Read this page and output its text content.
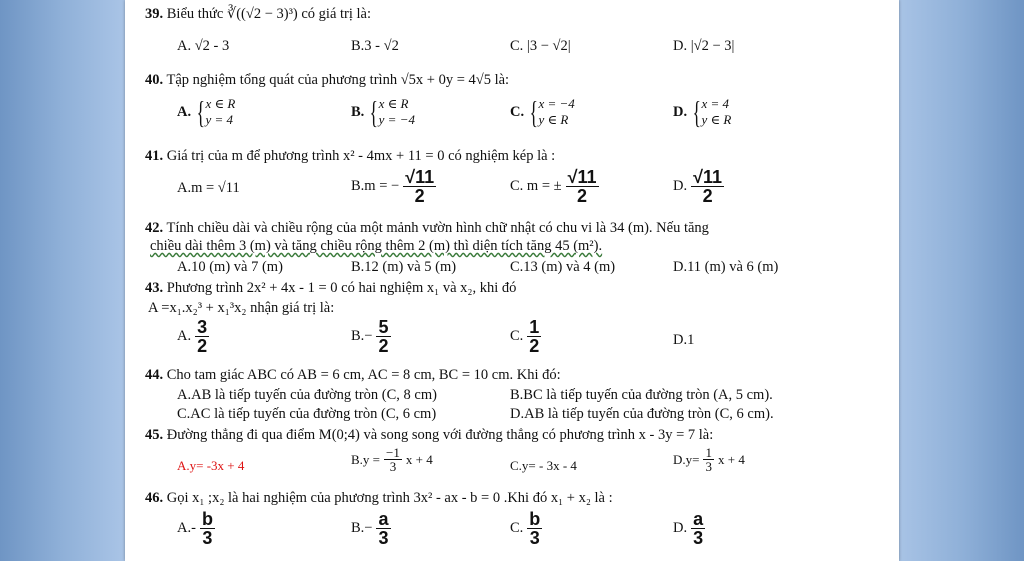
39. Biểu thức ∛((√2 − 3)³) có giá trị là:
A. √2 - 3	B.3 - √2	C. |3 − √2|	D. |√2 − 3|
40. Tập nghiệm tổng quát của phương trình √5x + 0y = 4√5 là:
A. { x ∈ R
y = 4
B. { x ∈ R
y = −4
C. { x = −4
y ∈ R
D. { x = 4
y ∈ R
41. Giá trị của m để phương trình x² - 4mx + 11 = 0 có nghiệm kép là :
A.m = √11	B.m = − $\frac{√11}{2}$	C. m = ± $\frac{√11}{2}$	D. $\frac{√11}{2}$
42. Tính chiều dài và chiều rộng của một mảnh vườn hình chữ nhật có chu vi là 34 (m). Nếu tăng
chiều dài thêm 3 (m) và tăng chiều rộng thêm 2 (m) thì diện tích tăng 45 (m²).
A.10 (m) và 7 (m)	B.12 (m) và 5 (m)	C.13 (m) và 4 (m)	D.11 (m) và 6 (m)
43. Phương trình 2x² + 4x - 1 = 0 có hai nghiệm x₁ và x₂, khi đó
A =x₁.x₂³ + x₁³x₂ nhận giá trị là:
A. $\frac{3}{2}$	$B.- \frac{5}{2}$	C. $\frac{1}{2}$	D.1
44. Cho tam giác ABC có AB = 6 cm, AC = 8 cm, BC = 10 cm. Khi đó:
A.AB là tiếp tuyến của đường tròn (C, 8 cm)	B.BC là tiếp tuyến của đường tròn (A, 5 cm).
C.AC là tiếp tuyến của đường tròn (C, 6 cm)	D.AB là tiếp tuyến của đường tròn (C, 6 cm).
45. Đường thẳng đi qua điểm M(0;4) và song song với đường thẳng có phương trình x - 3y = 7 là:
A.y= -3x + 4	$B.y = \frac{-1}{3}$ x + 4	C.y= - 3x - 4	$D.y= \frac{1}{3}$ x + 4
46. Gọi x₁ ;x₂ là hai nghiệm của phương trình 3x² - ax - b = 0 .Khi đó x₁ + x₂ là :
$A.- \frac{b}{3}$	$B.- \frac{a}{3}$	C. $\frac{b}{3}$	D. $\frac{a}{3}$
